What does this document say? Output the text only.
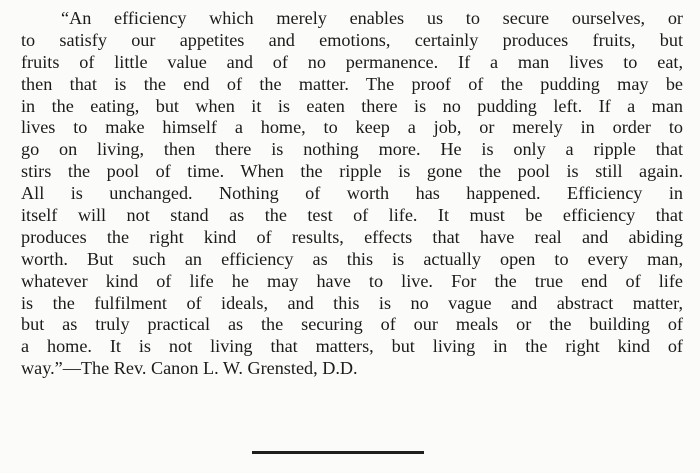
“An efficiency which merely enables us to secure ourselves, or
to satisfy our appetites and emotions, certainly produces fruits, but
fruits of little value and of no permanence. If a man lives to eat,
then that is the end of the matter. The proof of the pudding may be
in the eating, but when it is eaten there is no pudding left. If a man
lives to make himself a home, to keep a job, or merely in order to
go on living, then there is nothing more. He is only a ripple that
stirs the pool of time. When the ripple is gone the pool is still again.
All is unchanged. Nothing of worth has happened. Efficiency in
itself will not stand as the test of life. It must be efficiency that
produces the right kind of results, effects that have real and abiding
worth. But such an efficiency as this is actually open to every man,
whatever kind of life he may have to live. For the true end of life
is the fulfilment of ideals, and this is no vague and abstract matter,
but as truly practical as the securing of our meals or the building of
a home. It is not living that matters, but living in the right kind of
way.”—The Rev. Canon L. W. Grensted, D.D.
